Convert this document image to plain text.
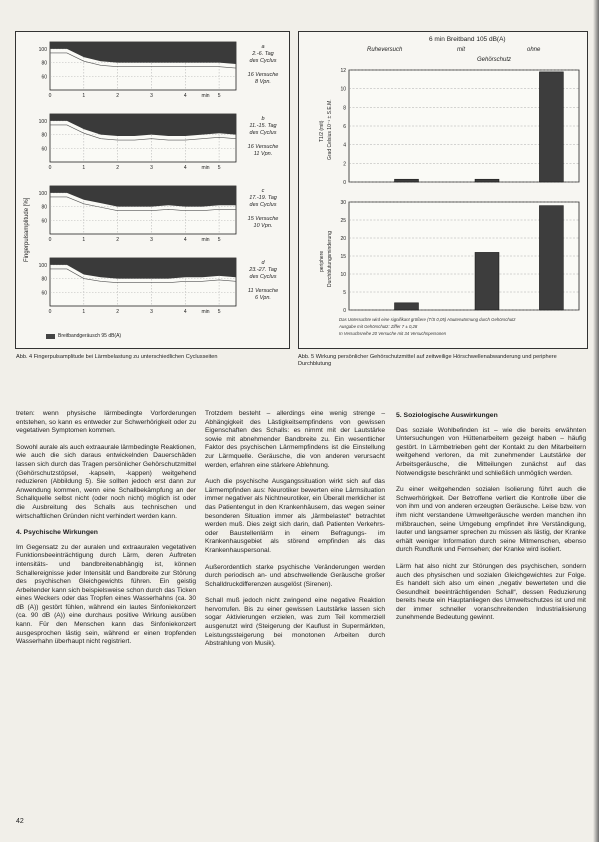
Fingerpulsamplitude [%]
100
80
60
0	1	2	3	4	min 5
100
80
60
0	1	2	3	4	min 5
100
80
60
0	1	2	3	4	min 5
100
80
60
0	1	2	3	4	min 5
a
2.-6. Tag
des Cyclus

16 Versuche
8 Vpn.
b
11.-15. Tag
des Cyclus

16 Versuche
11 Vpn.
c
17.-19. Tag
des Cyclus

15 Versuche
10 Vpn.
d
23.-27. Tag
des Cyclus

11 Versuche
6 Vpn.
Breitbandgeräusch 95 dB(A)
6 min Breitband 105 dB(A)
Ruheversuch	mit	ohne
Gehörschutz
Grad Celsius 10⁻¹ ± S.E.M.
T1/2 (mit)
Durchblutungsminderung
periphere
12
10
8
6
4
2
0
30
25
20
15
10
5
0
Das Untersuchte wird eine signifikant größere (T/S 0,05) Hauterwärmung durch Gehörschutz
Ausgabe mit Gehörschutz: Ziffer 7 ± 0,28
In Versuchsreihe 20 Versuche mit 34 Versuchspersonen
Abb. 4 Fingerpulsamplitude bei Lärmbelastung zu unterschiedlichen Cyclusseiten	Abb. 5 Wirkung persönlicher Gehörschutzmittel auf zeitweilige Hörschwellenabwanderung und periphere Durchblutung

treten: wenn physische lärmbedingte Vorforderungen entstehen, so kann es entweder zur Schwerhörigkeit oder zu vegetativen Symptomen kommen.

Sowohl aurale als auch extraaurale lärmbedingte Reaktionen, wie auch die sich daraus entwickelnden Dauerschäden lassen sich durch das Tragen persönlicher Gehörschutzmittel (Gehörschutzstöpsel, -kapseln, -kappen) weitgehend reduzieren (Abbildung 5). Sie sollten jedoch erst dann zur Anwendung kommen, wenn eine Schallbekämpfung an der Schallquelle selbst nicht (oder noch nicht) möglich ist oder die Ausbreitung des Schalls aus technischen und wirtschaftlichen Gründen nicht verhindert werden kann.

4. Psychische Wirkungen

Im Gegensatz zu der auralen und extraauralen vegetativen Funktionsbeeinträchtigung durch Lärm, deren Auftreten intensitäts- und bandbreitenabhängig ist, können Schallereignisse jeder Intensität und Bandbreite zur Störung des psychischen Gleichgewichts führen. Ein geistig Arbeitender kann sich beispielsweise schon durch das Ticken eines Weckers oder das Tropfen eines Wasserhahns (ca. 30 dB (A)) gestört fühlen, während ein lautes Sinfoniekonzert (ca. 90 dB (A)) eine durchaus positive Wirkung ausüben kann. Für den Menschen kann das Sinfoniekonzert ausgesprochen lästig sein, während er einen tropfenden Wasserhahn überhaupt nicht registriert.

Trotzdem besteht – allerdings eine wenig strenge – Abhängigkeit des Lästigkeitsempfindens von gewissen Eigenschaften des Schalls: es nimmt mit der Lautstärke sowie mit abnehmender Bandbreite zu. Ein wesentlicher Faktor des psychischen Lärmempfindens ist die Einstellung zur Lärmquelle. Geräusche, die von anderen verursacht werden, erfahren eine stärkere Ablehnung.

Auch die psychische Ausgangssituation wirkt sich auf das Lärmempfinden aus: Neurotiker bewerten eine Lärmsituation immer negativer als Nichtneurotiker, ein Überall merklicher ist das Patientengut in den Krankenhäusern, das wegen seiner besonderen Situation immer als „lärmbelastet“ betrachtet werden muß. Dies zeigt sich darin, daß Patienten Verkehrs- oder Baustellenlärm in einem Befragungs- im Krankenhausgebiet als störend empfinden als das Krankenhauspersonal.

Außerordentlich starke psychische Veränderungen werden durch periodisch an- und abschwellende Geräusche großer Schalldruckdifferenzen ausgelöst (Sirenen).

Schall muß jedoch nicht zwingend eine negative Reaktion hervorrufen. Bis zu einer gewissen Lautstärke lassen sich sogar Aktivierungen erzielen, was zum Teil kommerziell ausgenutzt wird (Steigerung der Kauflust in Supermärkten, Leistungssteigerung bei monotonen Arbeiten durch Abstrahlung von Musik).

5. Soziologische Auswirkungen

Das soziale Wohlbefinden ist – wie die bereits erwähnten Untersuchungen von Hüttenarbeitern gezeigt haben – häufig gestört. In Lärmbetrieben geht der Kontakt zu den Mitarbeitern weitgehend verloren, da mit zunehmender Lautstärke der Arbeitsgeräusche, die Mitteilungen zunächst auf das Notwendigste beschränkt und schließlich unmöglich werden.

Zu einer weitgehenden sozialen Isolierung führt auch die Schwerhörigkeit. Der Betroffene verliert die Kontrolle über die von ihm und von anderen erzeugten Geräusche. Leise bzw. von ihm nicht verstandene Umweltgeräusche werden manchen ihn mißbrauchen, seine Umgebung empfindet ihre Verständigung, lauter und langsamer sprechen zu müssen als lästig, der Kranke erhält weniger Information durch seine Mitmenschen, ebenso durch Rundfunk und Fernsehen; der Kranke wird isoliert.

Lärm hat also nicht zur Störungen des psychischen, sondern auch des physischen und sozialen Gleichgewichtes zur Folge. Es handelt sich also um einen „negativ bewerteten und die Gesundheit beeinträchtigenden Schall“, dessen Reduzierung bereits heute ein Hauptanliegen des Umweltschutzes ist und mit der immer schneller voranschreitenden Industrialisierung zunehmende Bedeutung gewinnt.

42
